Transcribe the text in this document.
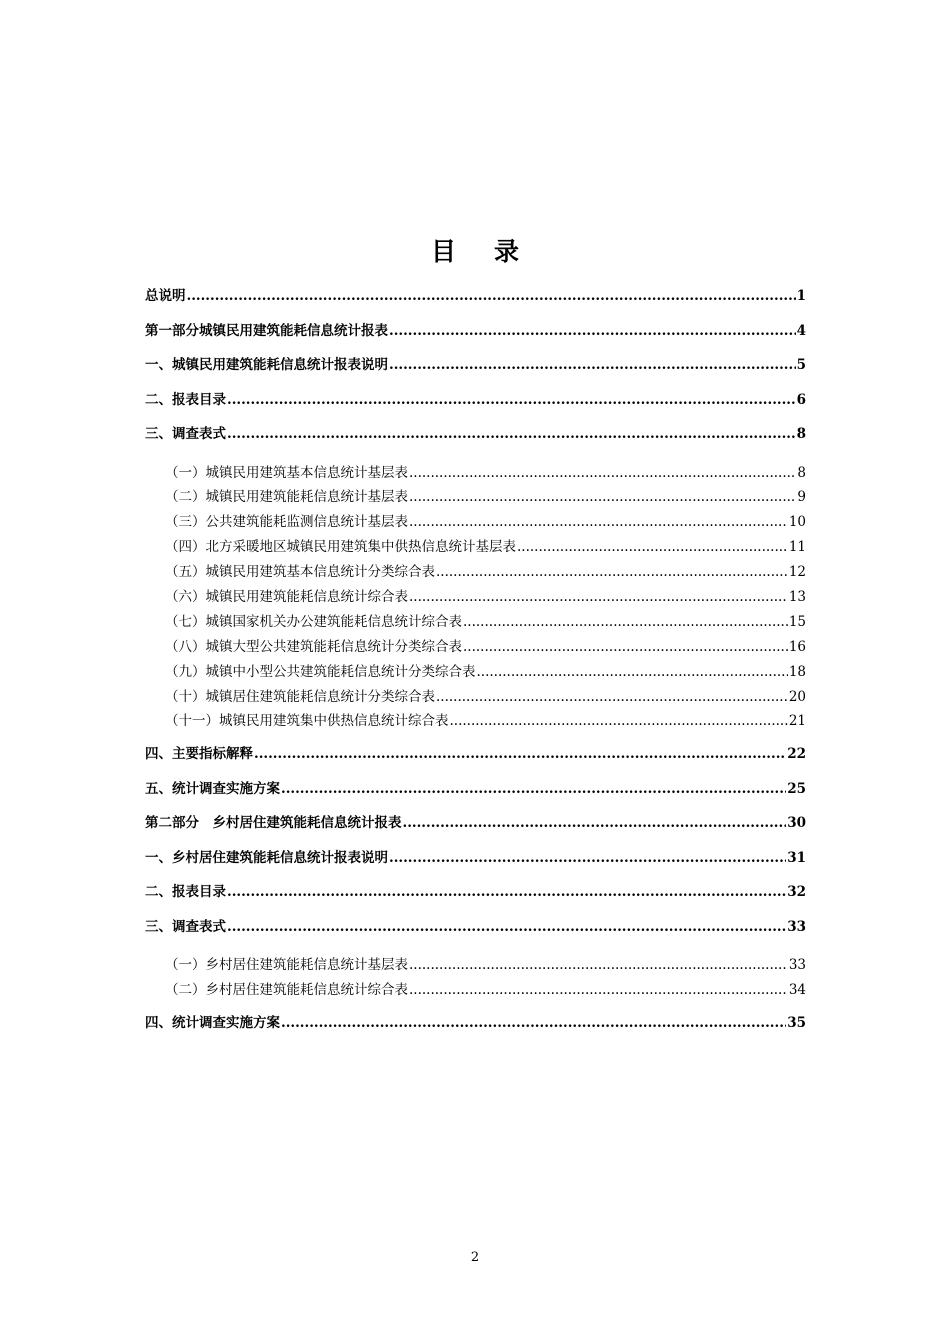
目录
总说明 .....	1
第一部分城镇民用建筑能耗信息统计报表 .....	4
一、城镇民用建筑能耗信息统计报表说明 .....	5
二、报表目录 .....	6
三、调查表式 .....	8
（一）城镇民用建筑基本信息统计基层表 .....	8
（二）城镇民用建筑能耗信息统计基层表 .....	9
（三）公共建筑能耗监测信息统计基层表 .....	10
（四）北方采暖地区城镇民用建筑集中供热信息统计基层表 .....	11
（五）城镇民用建筑基本信息统计分类综合表 .....	12
（六）城镇民用建筑能耗信息统计综合表 .....	13
（七）城镇国家机关办公建筑能耗信息统计综合表 .....	15
（八）城镇大型公共建筑能耗信息统计分类综合表 .....	16
（九）城镇中小型公共建筑能耗信息统计分类综合表 .....	18
（十）城镇居住建筑能耗信息统计分类综合表 .....	20
（十一）城镇民用建筑集中供热信息统计综合表 .....	21
四、主要指标解释 .....	22
五、统计调查实施方案 .....	25
第二部分　乡村居住建筑能耗信息统计报表 .....	30
一、乡村居住建筑能耗信息统计报表说明 .....	31
二、报表目录 .....	32
三、调查表式 .....	33
（一）乡村居住建筑能耗信息统计基层表 .....	33
（二）乡村居住建筑能耗信息统计综合表 .....	34
四、统计调查实施方案 .....	35
2
